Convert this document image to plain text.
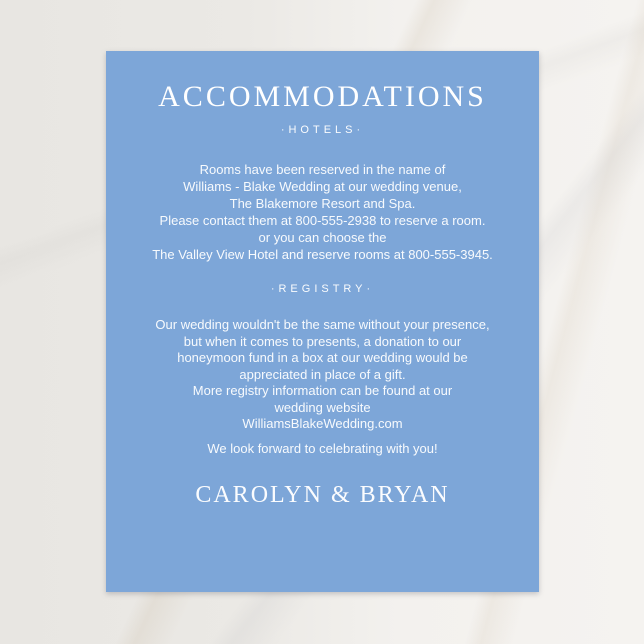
ACCOMMODATIONS
·HOTELS·
Rooms have been reserved in the name of
Williams - Blake Wedding at our wedding venue,
The Blakemore Resort and Spa.
Please contact them at 800-555-2938 to reserve a room.
or you can choose the
The Valley View Hotel and reserve rooms at 800-555-3945.
·REGISTRY·
Our wedding wouldn't be the same without your presence,
but when it comes to presents, a donation to our
honeymoon fund in a box at our wedding would be
appreciated in place of a gift.
More registry information can be found at our
wedding website
WilliamsBlakeWedding.com
We look forward to celebrating with you!
CAROLYN & BRYAN
